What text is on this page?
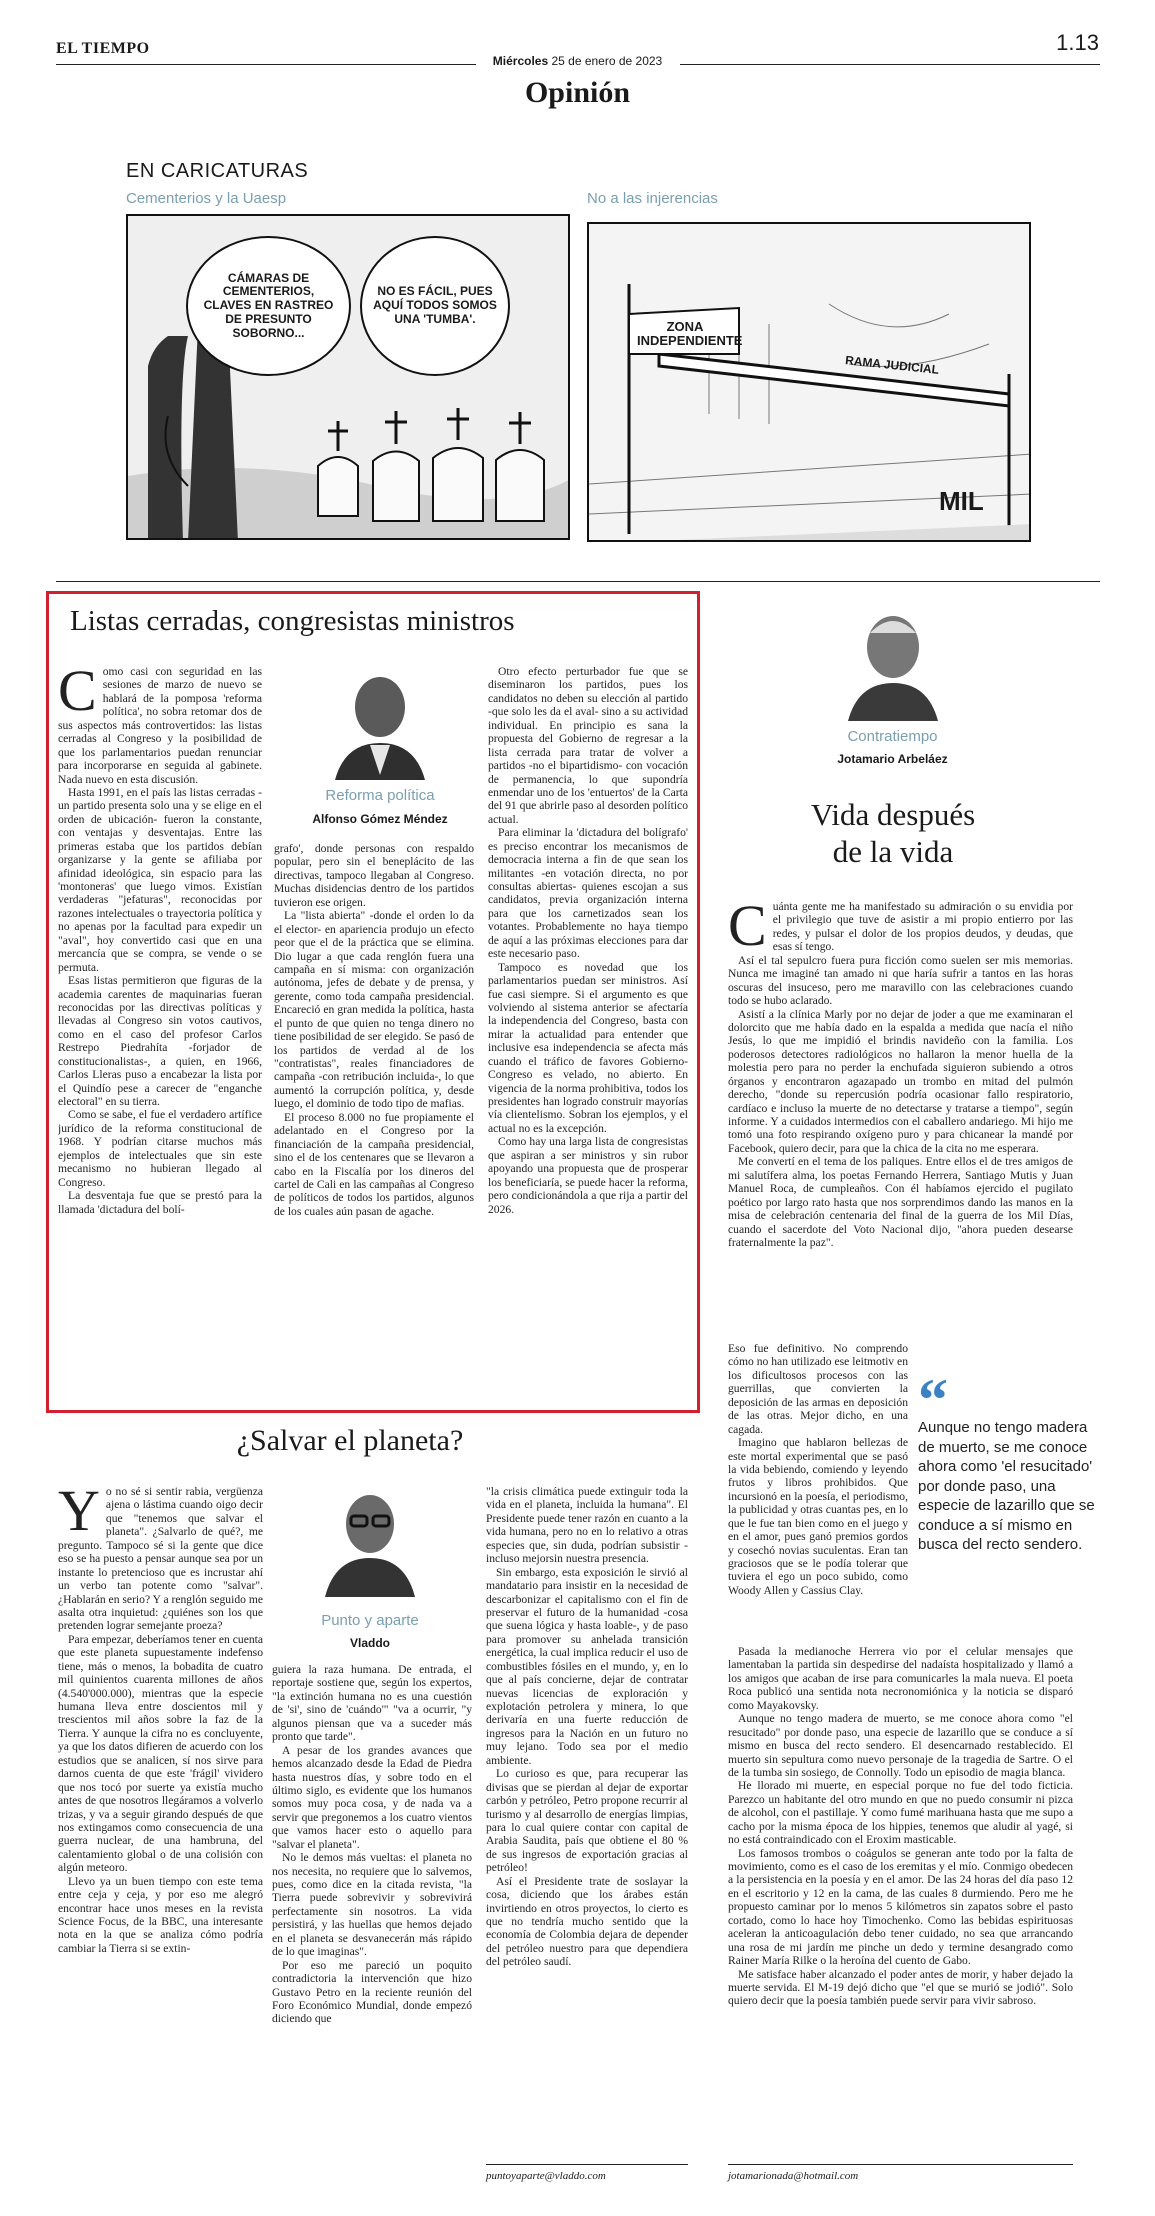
EL TIEMPO
Miércoles 25 de enero de 2023
1.13
Opinión
EN CARICATURAS
Cementerios y la Uaesp	No a las injerencias
CÁMARAS DE CEMENTERIOS, CLAVES EN RASTREO DE PRESUNTO SOBORNO...
NO ES FÁCIL, PUES AQUÍ TODOS SOMOS UNA 'TUMBA'.
ZONA INDEPENDIENTE
RAMA JUDICIAL
MIL
Listas cerradas, congresistas ministros
C omo casi con seguridad en las sesiones de marzo de nuevo se hablará de la pomposa 'reforma política', no sobra retomar dos de sus aspectos más controvertidos: las listas cerradas al Congreso y la posibilidad de que los parlamentarios puedan renunciar para incorporarse en seguida al gabinete. Nada nuevo en esta discusión.

Hasta 1991, en el país las listas cerradas -un partido presenta solo una y se elige en el orden de ubicación- fueron la constante, con ventajas y desventajas. Entre las primeras estaba que los partidos debían organizarse y la gente se afiliaba por afinidad ideológica, sin espacio para las 'montoneras' que luego vimos. Existían verdaderas "jefaturas", reconocidas por razones intelectuales o trayectoria política y no apenas por la facultad para expedir un "aval", hoy convertido casi que en una mercancía que se compra, se vende o se permuta.

Esas listas permitieron que figuras de la academia carentes de maquinarias fueran reconocidas por las directivas políticas y llevadas al Congreso sin votos cautivos, como en el caso del profesor Carlos Restrepo Piedrahíta -forjador de constitucionalistas-, a quien, en 1966, Carlos Lleras puso a encabezar la lista por el Quindío pese a carecer de "enganche electoral" en su tierra.

Como se sabe, el fue el verdadero artífice jurídico de la reforma constitucional de 1968. Y podrían citarse muchos más ejemplos de intelectuales que sin este mecanismo no hubieran llegado al Congreso.

La desventaja fue que se prestó para la llamada 'dictadura del bolí-

Reforma política
Alfonso Gómez Méndez

grafo', donde personas con respaldo popular, pero sin el beneplácito de las directivas, tampoco llegaban al Congreso. Muchas disidencias dentro de los partidos tuvieron ese origen.

La "lista abierta" -donde el orden lo da el elector- en apariencia produjo un efecto peor que el de la práctica que se elimina. Dio lugar a que cada renglón fuera una campaña en sí misma: con organización autónoma, jefes de debate y de prensa, y gerente, como toda campaña presidencial. Encareció en gran medida la política, hasta el punto de que quien no tenga dinero no tiene posibilidad de ser elegido. Se pasó de los partidos de verdad al de los "contratistas", reales financiadores de campaña -con retribución incluida-, lo que aumentó la corrupción política, y, desde luego, el dominio de todo tipo de mafias.

El proceso 8.000 no fue propiamente el adelantado en el Congreso por la financiación de la campaña presidencial, sino el de los centenares que se llevaron a cabo en la Fiscalía por los dineros del cartel de Cali en las campañas al Congreso de políticos de todos los partidos, algunos de los cuales aún pasan de agache.

Otro efecto perturbador fue que se diseminaron los partidos, pues los candidatos no deben su elección al partido -que solo les da el aval- sino a su actividad individual. En principio es sana la propuesta del Gobierno de regresar a la lista cerrada para tratar de volver a partidos -no el bipartidismo- con vocación de permanencia, lo que supondría enmendar uno de los 'entuertos' de la Carta del 91 que abrirle paso al desorden político actual.

Para eliminar la 'dictadura del bolígrafo' es preciso encontrar los mecanismos de democracia interna a fin de que sean los militantes -en votación directa, no por consultas abiertas- quienes escojan a sus candidatos, previa organización interna para que los carnetizados sean los votantes. Probablemente no haya tiempo de aquí a las próximas elecciones para dar este necesario paso.

Tampoco es novedad que los parlamentarios puedan ser ministros. Así fue casi siempre. Si el argumento es que volviendo al sistema anterior se afectaría la independencia del Congreso, basta con mirar la actualidad para entender que inclusive esa independencia se afecta más cuando el tráfico de favores Gobierno-Congreso es velado, no abierto. En vigencia de la norma prohibitiva, todos los presidentes han logrado construir mayorías vía clientelismo. Sobran los ejemplos, y el actual no es la excepción.

Como hay una larga lista de congresistas que aspiran a ser ministros y sin rubor apoyando una propuesta que de prosperar los beneficiaría, se puede hacer la reforma, pero condicionándola a que rija a partir del 2026.

¿Salvar el planeta?
Y o no sé si sentir rabia, vergüenza ajena o lástima cuando oigo decir que "tenemos que salvar el planeta". ¿Salvarlo de qué?, me pregunto. Tampoco sé si la gente que dice eso se ha puesto a pensar aunque sea por un instante lo pretencioso que es incrustar ahí un verbo tan potente como "salvar". ¿Hablarán en serio? Y a renglón seguido me asalta otra inquietud: ¿quiénes son los que pretenden lograr semejante proeza?

Para empezar, deberíamos tener en cuenta que este planeta supuestamente indefenso tiene, más o menos, la bobadita de cuatro mil quinientos cuarenta millones de años (4.540'000.000), mientras que la especie humana lleva entre doscientos mil y trescientos mil años sobre la faz de la Tierra. Y aunque la cifra no es concluyente, ya que los datos difieren de acuerdo con los estudios que se analicen, sí nos sirve para darnos cuenta de que este 'frágil' vividero que nos tocó por suerte ya existía mucho antes de que nosotros llegáramos a volverlo trizas, y va a seguir girando después de que nos extingamos como consecuencia de una guerra nuclear, de una hambruna, del calentamiento global o de una colisión con algún meteoro.

Llevo ya un buen tiempo con este tema entre ceja y ceja, y por eso me alegró encontrar hace unos meses en la revista Science Focus, de la BBC, una interesante nota en la que se analiza cómo podría cambiar la Tierra si se extin-

Punto y aparte
Vladdo

guiera la raza humana. De entrada, el reportaje sostiene que, según los expertos, "la extinción humana no es una cuestión de 'si', sino de 'cuándo'" "va a ocurrir, "y algunos piensan que va a suceder más pronto que tarde".

A pesar de los grandes avances que hemos alcanzado desde la Edad de Piedra hasta nuestros días, y sobre todo en el último siglo, es evidente que los humanos somos muy poca cosa, y de nada va a servir que pregonemos a los cuatro vientos que vamos hacer esto o aquello para "salvar el planeta".

No le demos más vueltas: el planeta no nos necesita, no requiere que lo salvemos, pues, como dice en la citada revista, "la Tierra puede sobrevivir y sobrevivirá perfectamente sin nosotros. La vida persistirá, y las huellas que hemos dejado en el planeta se desvanecerán más rápido de lo que imaginas".

Por eso me pareció un poquito contradictoria la intervención que hizo Gustavo Petro en la reciente reunión del Foro Económico Mundial, donde empezó diciendo que

"la crisis climática puede extinguir toda la vida en el planeta, incluida la humana". El Presidente puede tener razón en cuanto a la vida humana, pero no en lo relativo a otras especies que, sin duda, podrían subsistir -incluso mejorsin nuestra presencia.

Sin embargo, esta exposición le sirvió al mandatario para insistir en la necesidad de descarbonizar el capitalismo con el fin de preservar el futuro de la humanidad -cosa que suena lógica y hasta loable-, y de paso para promover su anhelada transición energética, la cual implica reducir el uso de combustibles fósiles en el mundo, y, en lo que al país concierne, dejar de contratar nuevas licencias de exploración y explotación petrolera y minera, lo que derivaría en una fuerte reducción de ingresos para la Nación en un futuro no muy lejano. Todo sea por el medio ambiente.

Lo curioso es que, para recuperar las divisas que se pierdan al dejar de exportar carbón y petróleo, Petro propone recurrir al turismo y al desarrollo de energías limpias, para lo cual quiere contar con capital de Arabia Saudita, país que obtiene el 80 % de sus ingresos de exportación gracias al petróleo!

Así el Presidente trate de soslayar la cosa, diciendo que los árabes están invirtiendo en otros proyectos, lo cierto es que no tendría mucho sentido que la economía de Colombia dejara de depender del petróleo nuestro para que dependiera del petróleo saudí.

puntoyaparte@vladdo.com
Contratiempo
Jotamario Arbeláez
Vida después
de la vida
C uánta gente me ha manifestado su admiración o su envidia por el privilegio que tuve de asistir a mi propio entierro por las redes, y pulsar el dolor de los propios deudos, y deudas, que esas sí tengo.

Así el tal sepulcro fuera pura ficción como suelen ser mis memorias. Nunca me imaginé tan amado ni que haría sufrir a tantos en las horas oscuras del insuceso, pero me maravillo con las celebraciones cuando todo se hubo aclarado.

Asistí a la clínica Marly por no dejar de joder a que me examinaran el dolorcito que me había dado en la espalda a medida que nacía el niño Jesús, lo que me impidió el brindis navideño con la familia. Los poderosos detectores radiológicos no hallaron la menor huella de la molestia pero para no perder la enchufada siguieron subiendo a otros órganos y encontraron agazapado un trombo en mitad del pulmón derecho, "donde su repercusión podría ocasionar fallo respiratorio, cardíaco e incluso la muerte de no detectarse y tratarse a tiempo", según informe. Y a cuidados intermedios con el caballero andariego. Mi hijo me tomó una foto respirando oxígeno puro y para chicanear la mandé por Facebook, quiero decir, para que la chica de la cita no me esperara.

Me convertí en el tema de los paliques. Entre ellos el de tres amigos de mi salutífera alma, los poetas Fernando Herrera, Santiago Mutis y Juan Manuel Roca, de cumpleaños. Con él habíamos ejercido el pugilato poético por largo rato hasta que nos sorprendimos dando las manos en la misa de celebración centenaria del final de la guerra de los Mil Días, cuando el sacerdote del Voto Nacional dijo, "ahora pueden desearse fraternalmente la paz".

Eso fue definitivo. No comprendo cómo no han utilizado ese leitmotiv en los dificultosos procesos con las guerrillas, que convierten la deposición de las armas en deposición de las otras. Mejor dicho, en una cagada.

Imagino que hablaron bellezas de este mortal experimental que se pasó la vida bebiendo, comiendo y leyendo frutos y libros prohibidos. Que incursionó en la poesía, el periodismo, la publicidad y otras cuantas pes, en lo que le fue tan bien como en el juego y en el amor, pues ganó premios gordos y cosechó novias suculentas. Eran tan graciosos que se le podía tolerar que tuviera el ego un poco subido, como Woody Allen y Cassius Clay.

“
Aunque no tengo madera de muerto, se me conoce ahora como 'el resucitado' por donde paso, una especie de lazarillo que se conduce a sí mismo en busca del recto sendero.

Pasada la medianoche Herrera vio por el celular mensajes que lamentaban la partida sin despedirse del nadaísta hospitalizado y llamó a los amigos que acaban de irse para comunicarles la mala nueva. El poeta Roca publicó una sentida nota necronomiónica y la noticia se disparó como Mayakovsky.

Aunque no tengo madera de muerto, se me conoce ahora como "el resucitado" por donde paso, una especie de lazarillo que se conduce a sí mismo en busca del recto sendero. El desencarnado restablecido. El muerto sin sepultura como nuevo personaje de la tragedia de Sartre. O el de la tumba sin sosiego, de Connolly. Todo un episodio de magia blanca.

He llorado mi muerte, en especial porque no fue del todo ficticia. Parezco un habitante del otro mundo en que no puedo consumir ni pizca de alcohol, con el pastillaje. Y como fumé marihuana hasta que me supo a cacho por la misma época de los hippies, tenemos que aludir al yagé, si no está contraindicado con el Eroxim masticable.

Los famosos trombos o coágulos se generan ante todo por la falta de movimiento, como es el caso de los eremitas y el mío. Conmigo obedecen a la persistencia en la poesía y en el amor. De las 24 horas del día paso 12 en el escritorio y 12 en la cama, de las cuales 8 durmiendo. Pero me he propuesto caminar por lo menos 5 kilómetros sin zapatos sobre el pasto cortado, como lo hace hoy Timochenko. Como las bebidas espirituosas aceleran la anticoagulación debo tener cuidado, no sea que arrancando una rosa de mi jardín me pinche un dedo y termine desangrado como Rainer María Rilke o la heroína del cuento de Gabo.

Me satisface haber alcanzado el poder antes de morir, y haber dejado la muerte servida. El M-19 dejó dicho que "el que se murió se jodió". Solo quiero decir que la poesía también puede servir para vivir sabroso.

jotamarionada@hotmail.com
